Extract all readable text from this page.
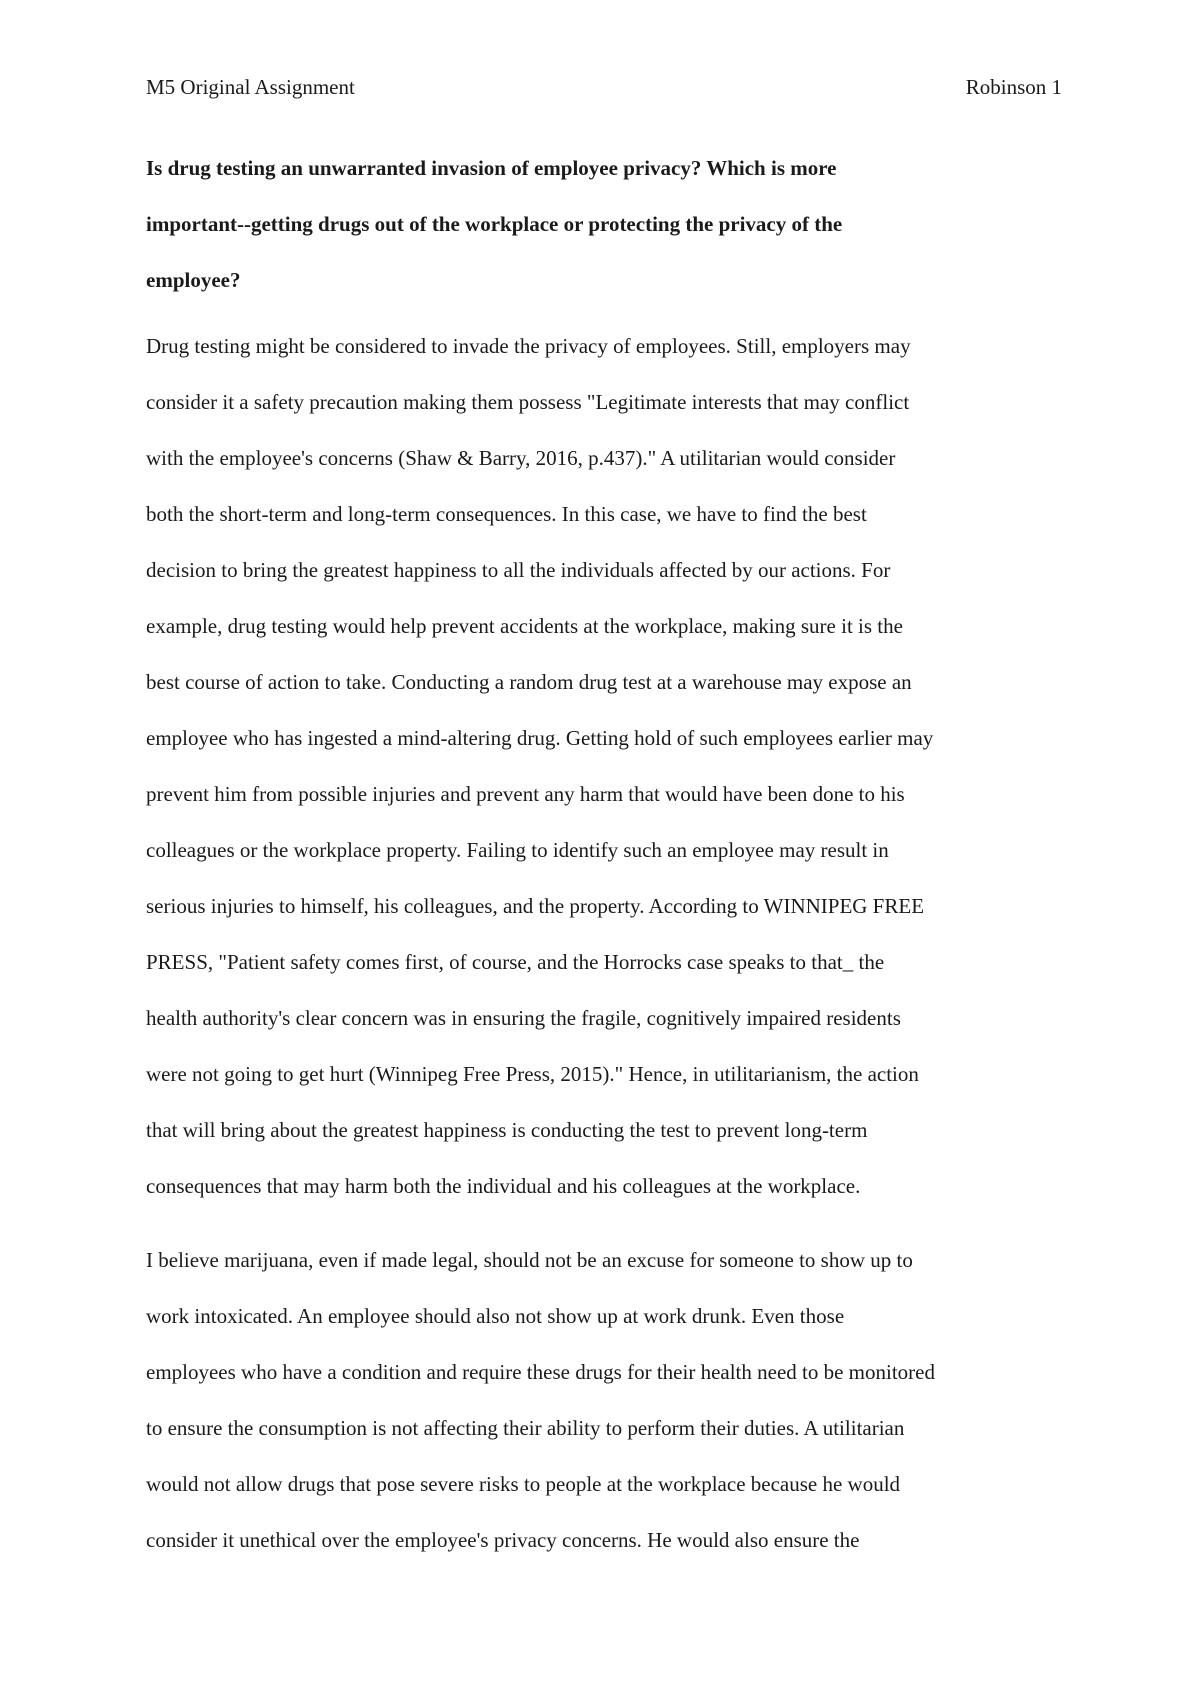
M5 Original Assignment	Robinson 1
Is drug testing an unwarranted invasion of employee privacy? Which is more
important--getting drugs out of the workplace or protecting the privacy of the
employee?
Drug testing might be considered to invade the privacy of employees. Still, employers may
consider it a safety precaution making them possess "Legitimate interests that may conflict
with the employee's concerns (Shaw & Barry, 2016, p.437)." A utilitarian would consider
both the short-term and long-term consequences. In this case, we have to find the best
decision to bring the greatest happiness to all the individuals affected by our actions. For
example, drug testing would help prevent accidents at the workplace, making sure it is the
best course of action to take. Conducting a random drug test at a warehouse may expose an
employee who has ingested a mind-altering drug. Getting hold of such employees earlier may
prevent him from possible injuries and prevent any harm that would have been done to his
colleagues or the workplace property. Failing to identify such an employee may result in
serious injuries to himself, his colleagues, and the property. According to WINNIPEG FREE
PRESS, "Patient safety comes first, of course, and the Horrocks case speaks to that_ the
health authority's clear concern was in ensuring the fragile, cognitively impaired residents
were not going to get hurt (Winnipeg Free Press, 2015)." Hence, in utilitarianism, the action
that will bring about the greatest happiness is conducting the test to prevent long-term
consequences that may harm both the individual and his colleagues at the workplace.
I believe marijuana, even if made legal, should not be an excuse for someone to show up to
work intoxicated. An employee should also not show up at work drunk. Even those
employees who have a condition and require these drugs for their health need to be monitored
to ensure the consumption is not affecting their ability to perform their duties. A utilitarian
would not allow drugs that pose severe risks to people at the workplace because he would
consider it unethical over the employee's privacy concerns. He would also ensure the
